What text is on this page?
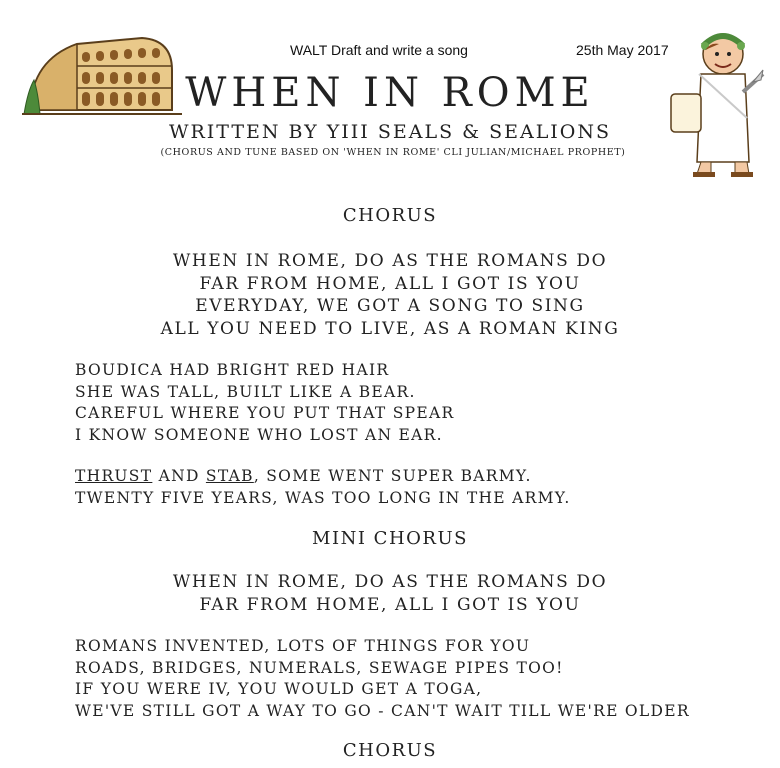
WALT Draft and write a song	25th May 2017
WHEN IN ROME
WRITTEN BY YIII SEALS & SEALIONS
(CHORUS AND TUNE BASED ON 'WHEN IN ROME' CLI JULIAN/MICHAEL PROPHET)
CHORUS
WHEN IN ROME, DO AS THE ROMANS DO
FAR FROM HOME, ALL I GOT IS YOU
EVERYDAY, WE GOT A SONG TO SING
ALL YOU NEED TO LIVE, AS A ROMAN KING
BOUDICA HAD BRIGHT RED HAIR
SHE WAS TALL, BUILT LIKE A BEAR.
CAREFUL WHERE YOU PUT THAT SPEAR
I KNOW SOMEONE WHO LOST AN EAR.
THRUST AND STAB, SOME WENT SUPER BARMY.
TWENTY FIVE YEARS, WAS TOO LONG IN THE ARMY.
MINI CHORUS
WHEN IN ROME, DO AS THE ROMANS DO
FAR FROM HOME, ALL I GOT IS YOU
ROMANS INVENTED, LOTS OF THINGS FOR YOU
ROADS, BRIDGES, NUMERALS, SEWAGE PIPES TOO!
IF YOU WERE IV, YOU WOULD GET A TOGA,
WE'VE STILL GOT A WAY TO GO - CAN'T WAIT TILL WE'RE OLDER
CHORUS
